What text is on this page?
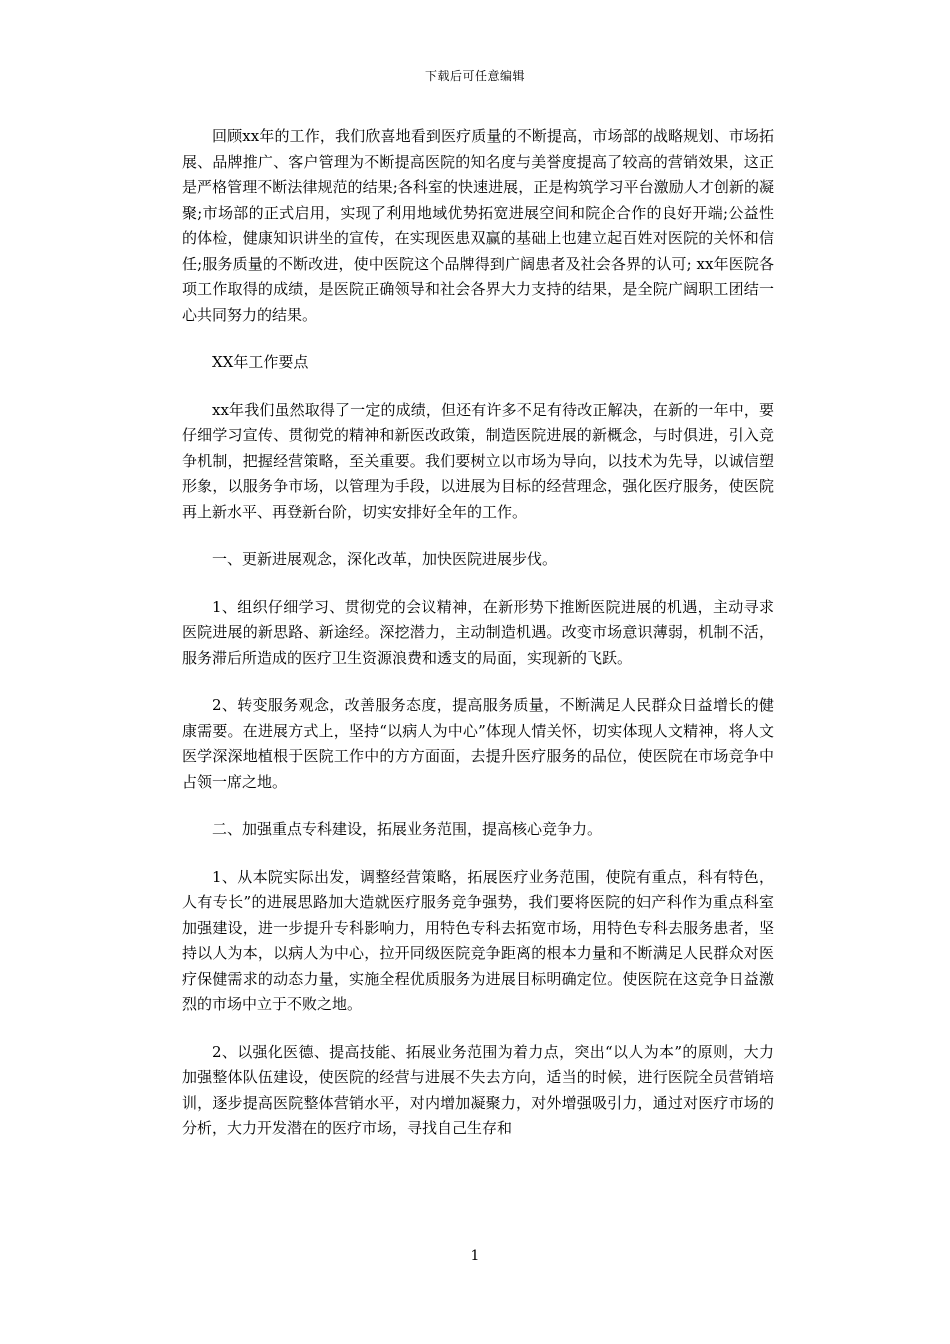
下载后可任意编辑

回顾xx年的工作，我们欣喜地看到医疗质量的不断提高，市场部的战略规划、市场拓展、品牌推广、客户管理为不断提高医院的知名度与美誉度提高了较高的营销效果，这正是严格管理不断法律规范的结果;各科室的快速进展，正是构筑学习平台激励人才创新的凝聚;市场部的正式启用，实现了利用地域优势拓宽进展空间和院企合作的良好开端;公益性的体检，健康知识讲坐的宣传，在实现医患双赢的基础上也建立起百姓对医院的关怀和信任;服务质量的不断改进，使中医院这个品牌得到广阔患者及社会各界的认可; xx年医院各项工作取得的成绩，是医院正确领导和社会各界大力支持的结果，是全院广阔职工团结一心共同努力的结果。

XX年工作要点

xx年我们虽然取得了一定的成绩，但还有许多不足有待改正解决，在新的一年中，要仔细学习宣传、贯彻党的精神和新医改政策，制造医院进展的新概念，与时俱进，引入竞争机制，把握经营策略，至关重要。我们要树立以市场为导向，以技术为先导，以诚信塑形象，以服务争市场，以管理为手段，以进展为目标的经营理念，强化医疗服务，使医院再上新水平、再登新台阶，切实安排好全年的工作。

一、更新进展观念，深化改革，加快医院进展步伐。

1、组织仔细学习、贯彻党的会议精神，在新形势下推断医院进展的机遇，主动寻求医院进展的新思路、新途经。深挖潜力，主动制造机遇。改变市场意识薄弱，机制不活，服务滞后所造成的医疗卫生资源浪费和透支的局面，实现新的飞跃。

2、转变服务观念，改善服务态度，提高服务质量，不断满足人民群众日益增长的健康需要。在进展方式上，坚持“以病人为中心”体现人情关怀，切实体现人文精神，将人文医学深深地植根于医院工作中的方方面面，去提升医疗服务的品位，使医院在市场竞争中占领一席之地。

二、加强重点专科建设，拓展业务范围，提高核心竞争力。

1、从本院实际出发，调整经营策略，拓展医疗业务范围，使院有重点，科有特色，人有专长”的进展思路加大造就医疗服务竞争强势，我们要将医院的妇产科作为重点科室加强建设，进一步提升专科影响力，用特色专科去拓宽市场，用特色专科去服务患者，坚持以人为本，以病人为中心，拉开同级医院竞争距离的根本力量和不断满足人民群众对医疗保健需求的动态力量，实施全程优质服务为进展目标明确定位。使医院在这竞争日益激烈的市场中立于不败之地。

2、以强化医德、提高技能、拓展业务范围为着力点，突出“以人为本”的原则，大力加强整体队伍建设，使医院的经营与进展不失去方向，适当的时候，进行医院全员营销培训，逐步提高医院整体营销水平，对内增加凝聚力，对外增强吸引力，通过对医疗市场的分析，大力开发潜在的医疗市场，寻找自己生存和

1
